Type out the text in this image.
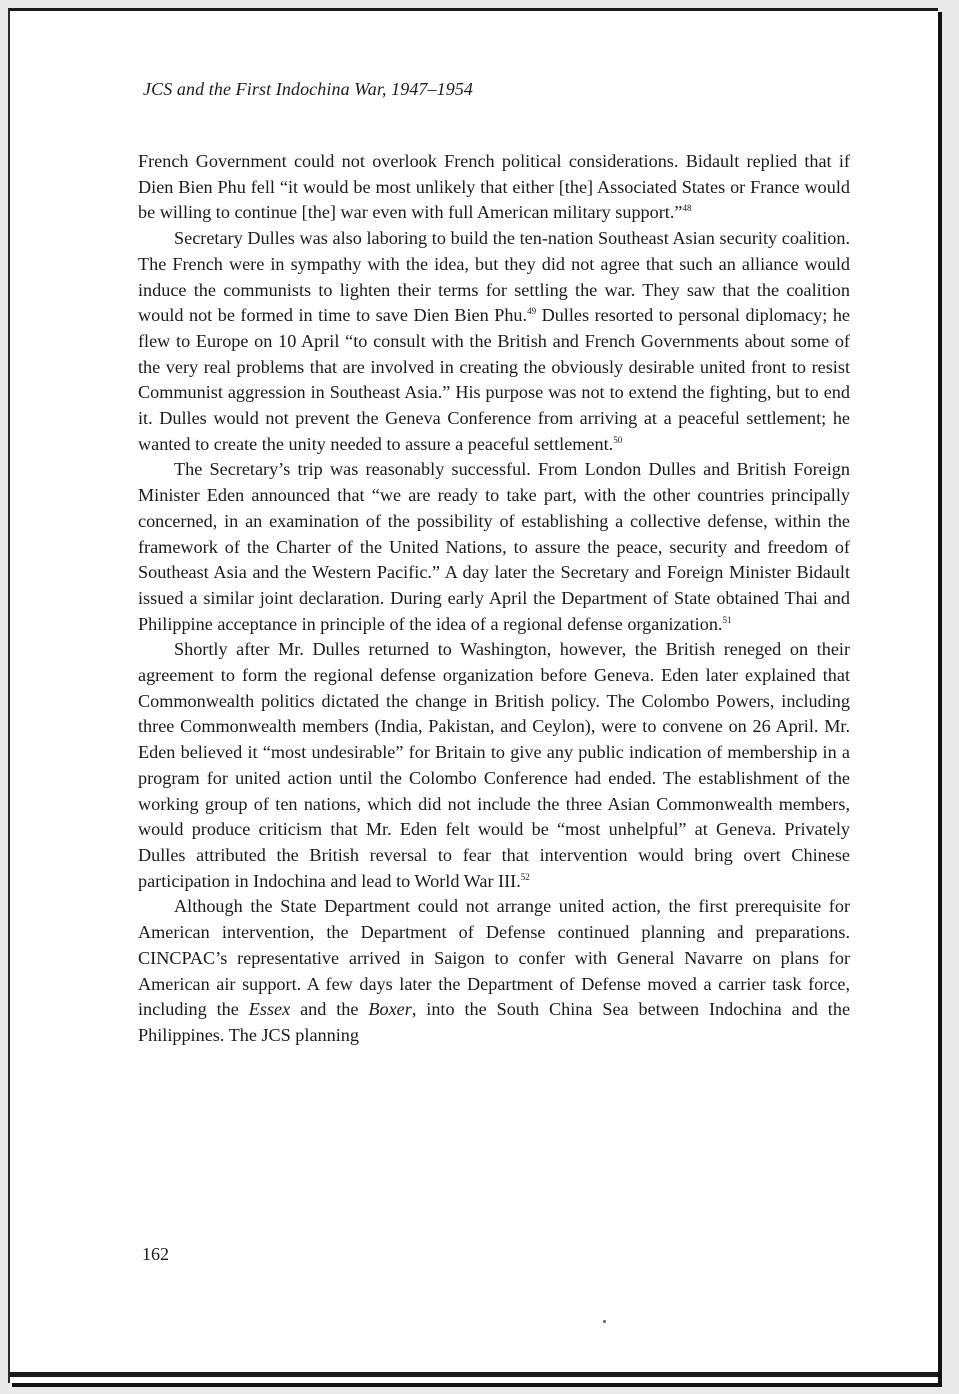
JCS and the First Indochina War, 1947–1954

French Government could not overlook French political considerations. Bidault replied that if Dien Bien Phu fell “it would be most unlikely that either [the] Associated States or France would be willing to continue [the] war even with full American military support.”$^{48}$

Secretary Dulles was also laboring to build the ten-nation Southeast Asian security coalition. The French were in sympathy with the idea, but they did not agree that such an alliance would induce the communists to lighten their terms for settling the war. They saw that the coalition would not be formed in time to save Dien Bien Phu.$^{49}$ Dulles resorted to personal diplomacy; he flew to Europe on 10 April “to consult with the British and French Governments about some of the very real problems that are involved in creating the obviously desirable united front to resist Communist aggression in Southeast Asia.” His purpose was not to extend the fighting, but to end it. Dulles would not prevent the Geneva Conference from arriving at a peaceful settlement; he wanted to create the unity needed to assure a peaceful settlement.$^{50}$

The Secretary’s trip was reasonably successful. From London Dulles and British Foreign Minister Eden announced that “we are ready to take part, with the other countries principally concerned, in an examination of the possibility of establishing a collective defense, within the framework of the Charter of the United Nations, to assure the peace, security and freedom of Southeast Asia and the Western Pacific.” A day later the Secretary and Foreign Minister Bidault issued a similar joint declaration. During early April the Department of State obtained Thai and Philippine acceptance in principle of the idea of a regional defense organization.$^{51}$

Shortly after Mr. Dulles returned to Washington, however, the British reneged on their agreement to form the regional defense organization before Geneva. Eden later explained that Commonwealth politics dictated the change in British policy. The Colombo Powers, including three Commonwealth members (India, Pakistan, and Ceylon), were to convene on 26 April. Mr. Eden believed it “most undesirable” for Britain to give any public indication of membership in a program for united action until the Colombo Conference had ended. The establishment of the working group of ten nations, which did not include the three Asian Commonwealth members, would produce criticism that Mr. Eden felt would be “most unhelpful” at Geneva. Privately Dulles attributed the British reversal to fear that intervention would bring overt Chinese participation in Indochina and lead to World War III.$^{52}$

Although the State Department could not arrange united action, the first prerequisite for American intervention, the Department of Defense continued planning and preparations. CINCPAC’s representative arrived in Saigon to confer with General Navarre on plans for American air support. A few days later the Department of Defense moved a carrier task force, including the Essex and the Boxer, into the South China Sea between Indochina and the Philippines. The JCS planning

162
